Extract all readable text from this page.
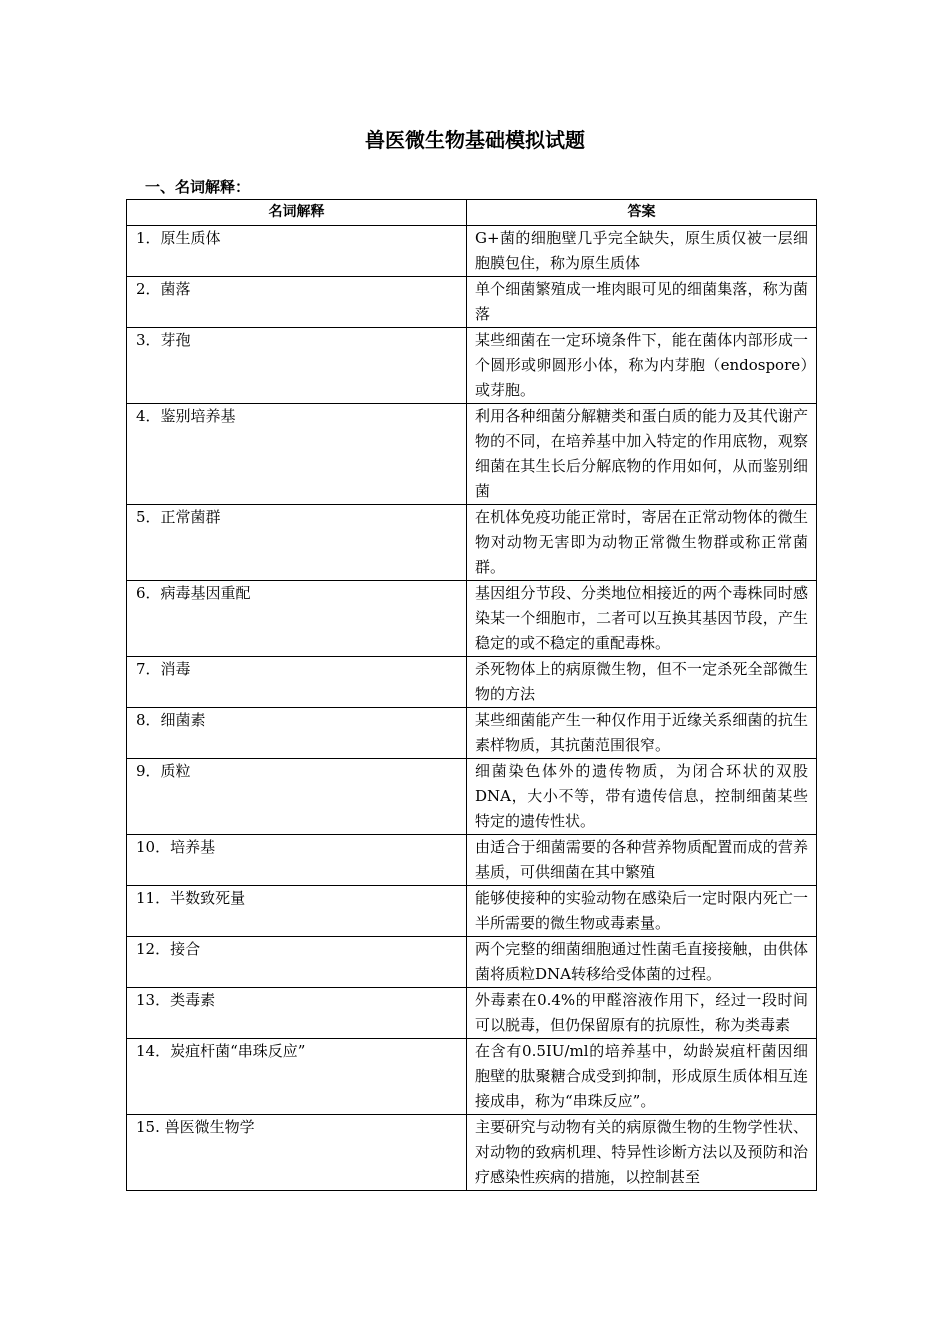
兽医微生物基础模拟试题
一、名词解释：
名词解释	答案
1．原生质体	G+菌的细胞壁几乎完全缺失，原生质仅被一层细胞膜包住，称为原生质体
2．菌落	单个细菌繁殖成一堆肉眼可见的细菌集落，称为菌落
3．芽孢	某些细菌在一定环境条件下，能在菌体内部形成一个圆形或卵圆形小体，称为内芽胞（endospore）或芽胞。
4．鉴别培养基	利用各种细菌分解糖类和蛋白质的能力及其代谢产物的不同，在培养基中加入特定的作用底物，观察细菌在其生长后分解底物的作用如何，从而鉴别细菌
5．正常菌群	在机体免疫功能正常时，寄居在正常动物体的微生物对动物无害即为动物正常微生物群或称正常菌群。
6．病毒基因重配	基因组分节段、分类地位相接近的两个毒株同时感染某一个细胞市，二者可以互换其基因节段，产生稳定的或不稳定的重配毒株。
7．消毒	杀死物体上的病原微生物，但不一定杀死全部微生物的方法
8．细菌素	某些细菌能产生一种仅作用于近缘关系细菌的抗生素样物质，其抗菌范围很窄。
9．质粒	细菌染色体外的遗传物质，为闭合环状的双股DNA，大小不等，带有遗传信息，控制细菌某些特定的遗传性状。
10．培养基	由适合于细菌需要的各种营养物质配置而成的营养基质，可供细菌在其中繁殖
11．半数致死量	能够使接种的实验动物在感染后一定时限内死亡一半所需要的微生物或毒素量。
12．接合	两个完整的细菌细胞通过性菌毛直接接触，由供体菌将质粒DNA转移给受体菌的过程。
13．类毒素	外毒素在0.4%的甲醛溶液作用下，经过一段时间可以脱毒，但仍保留原有的抗原性，称为类毒素
14．炭疽杆菌“串珠反应”	在含有0.5IU/ml的培养基中，幼龄炭疽杆菌因细胞壁的肽聚糖合成受到抑制，形成原生质体相互连接成串，称为“串珠反应”。
15. 兽医微生物学	主要研究与动物有关的病原微生物的生物学性状、对动物的致病机理、特异性诊断方法以及预防和治疗感染性疾病的措施，以控制甚至
